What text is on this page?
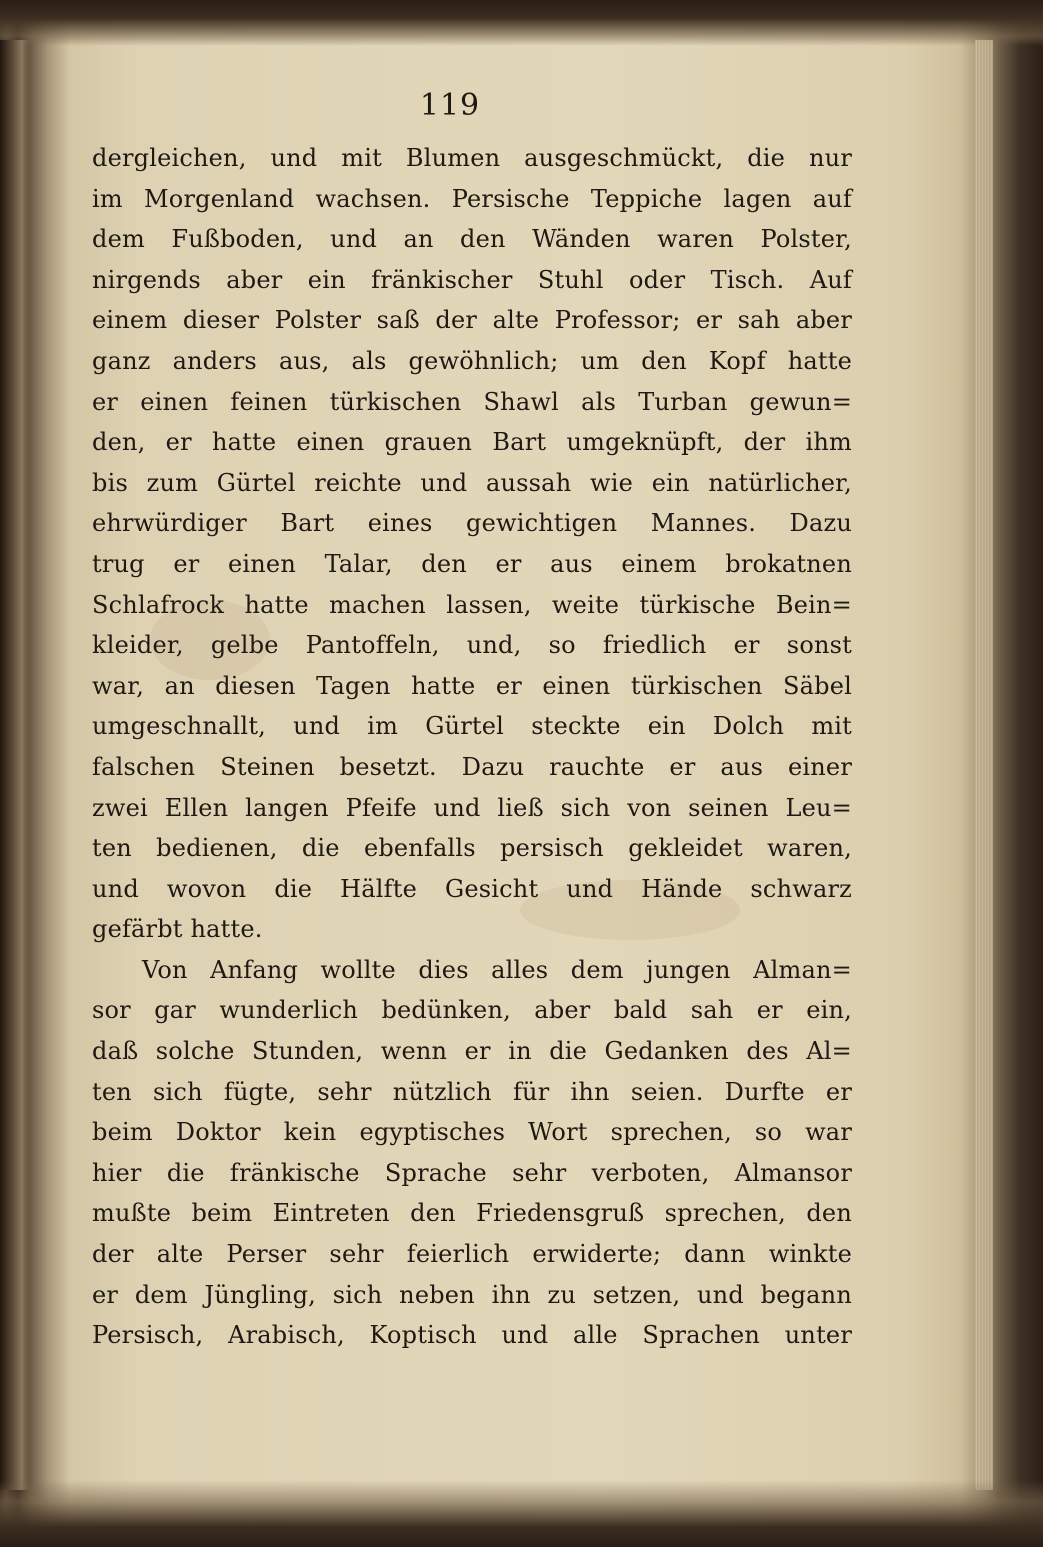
119
dergleichen, und mit Blumen ausgeschmückt, die nur
im Morgenland wachsen. Persische Teppiche lagen auf
dem Fußboden, und an den Wänden waren Polster,
nirgends aber ein fränkischer Stuhl oder Tisch. Auf
einem dieser Polster saß der alte Professor; er sah aber
ganz anders aus, als gewöhnlich; um den Kopf hatte
er einen feinen türkischen Shawl als Turban gewun=
den, er hatte einen grauen Bart umgeknüpft, der ihm
bis zum Gürtel reichte und aussah wie ein natürlicher,
ehrwürdiger Bart eines gewichtigen Mannes. Dazu
trug er einen Talar, den er aus einem brokatnen
Schlafrock hatte machen lassen, weite türkische Bein=
kleider, gelbe Pantoffeln, und, so friedlich er sonst
war, an diesen Tagen hatte er einen türkischen Säbel
umgeschnallt, und im Gürtel steckte ein Dolch mit
falschen Steinen besetzt. Dazu rauchte er aus einer
zwei Ellen langen Pfeife und ließ sich von seinen Leu=
ten bedienen, die ebenfalls persisch gekleidet waren,
und wovon die Hälfte Gesicht und Hände schwarz
gefärbt hatte.
Von Anfang wollte dies alles dem jungen Alman=
sor gar wunderlich bedünken, aber bald sah er ein,
daß solche Stunden, wenn er in die Gedanken des Al=
ten sich fügte, sehr nützlich für ihn seien. Durfte er
beim Doktor kein egyptisches Wort sprechen, so war
hier die fränkische Sprache sehr verboten, Almansor
mußte beim Eintreten den Friedensgruß sprechen, den
der alte Perser sehr feierlich erwiderte; dann winkte
er dem Jüngling, sich neben ihn zu setzen, und begann
Persisch, Arabisch, Koptisch und alle Sprachen unter
